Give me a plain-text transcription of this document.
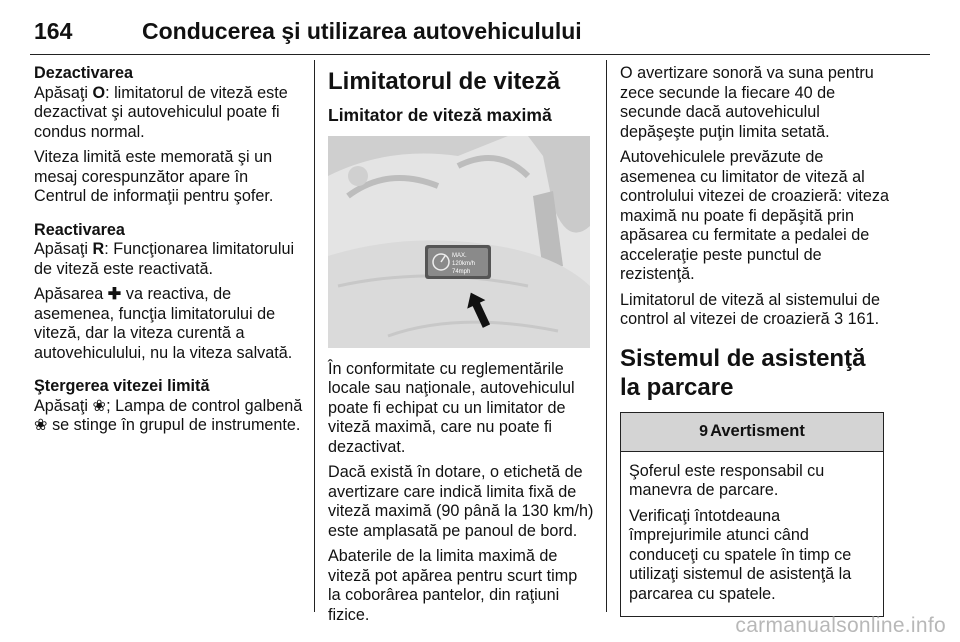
164	Conducerea şi utilizarea autovehiculului

Dezactivarea

Apăsaţi O: limitatorul de viteză este dezactivat şi autovehiculul poate fi condus normal.

Viteza limită este memorată şi un mesaj corespunzător apare în Centrul de informaţii pentru şofer.

Reactivarea

Apăsaţi R: Funcţionarea limitatorului de viteză este reactivată.

Apăsarea ✚ va reactiva, de asemenea, funcţia limitatorului de viteză, dar la viteza curentă a autovehiculului, nu la viteza salvată.

Ştergerea vitezei limită

Apăsaţi ❀; Lampa de control galbenă ❀ se stinge în grupul de instrumente.

Limitatorul de viteză
Limitator de viteză maximă
MAX.
120km/h
74mph

În conformitate cu reglementările locale sau naţionale, autovehiculul poate fi echipat cu un limitator de viteză maximă, care nu poate fi dezactivat.

Dacă există în dotare, o etichetă de avertizare care indică limita fixă de viteză maximă (90 până la 130 km/h) este amplasată pe panoul de bord.

Abaterile de la limita maximă de viteză pot apărea pentru scurt timp la coborârea pantelor, din raţiuni fizice.

O avertizare sonoră va suna pentru zece secunde la fiecare 40 de secunde dacă autovehiculul depăşeşte puţin limita setată.

Autovehiculele prevăzute de asemenea cu limitator de viteză al controlului vitezei de croazieră: viteza maximă nu poate fi depăşită prin apăsarea cu fermitate a pedalei de acceleraţie peste punctul de rezistenţă.

Limitatorul de viteză al sistemului de control al vitezei de croazieră 3 161.

Sistemul de asistenţă la parcare
9 Avertisment

Şoferul este responsabil cu manevra de parcare.

Verificaţi întotdeauna împrejurimile atunci când conduceţi cu spatele în timp ce utilizaţi sistemul de asistenţă la parcarea cu spatele.

carmanualsonline.info
